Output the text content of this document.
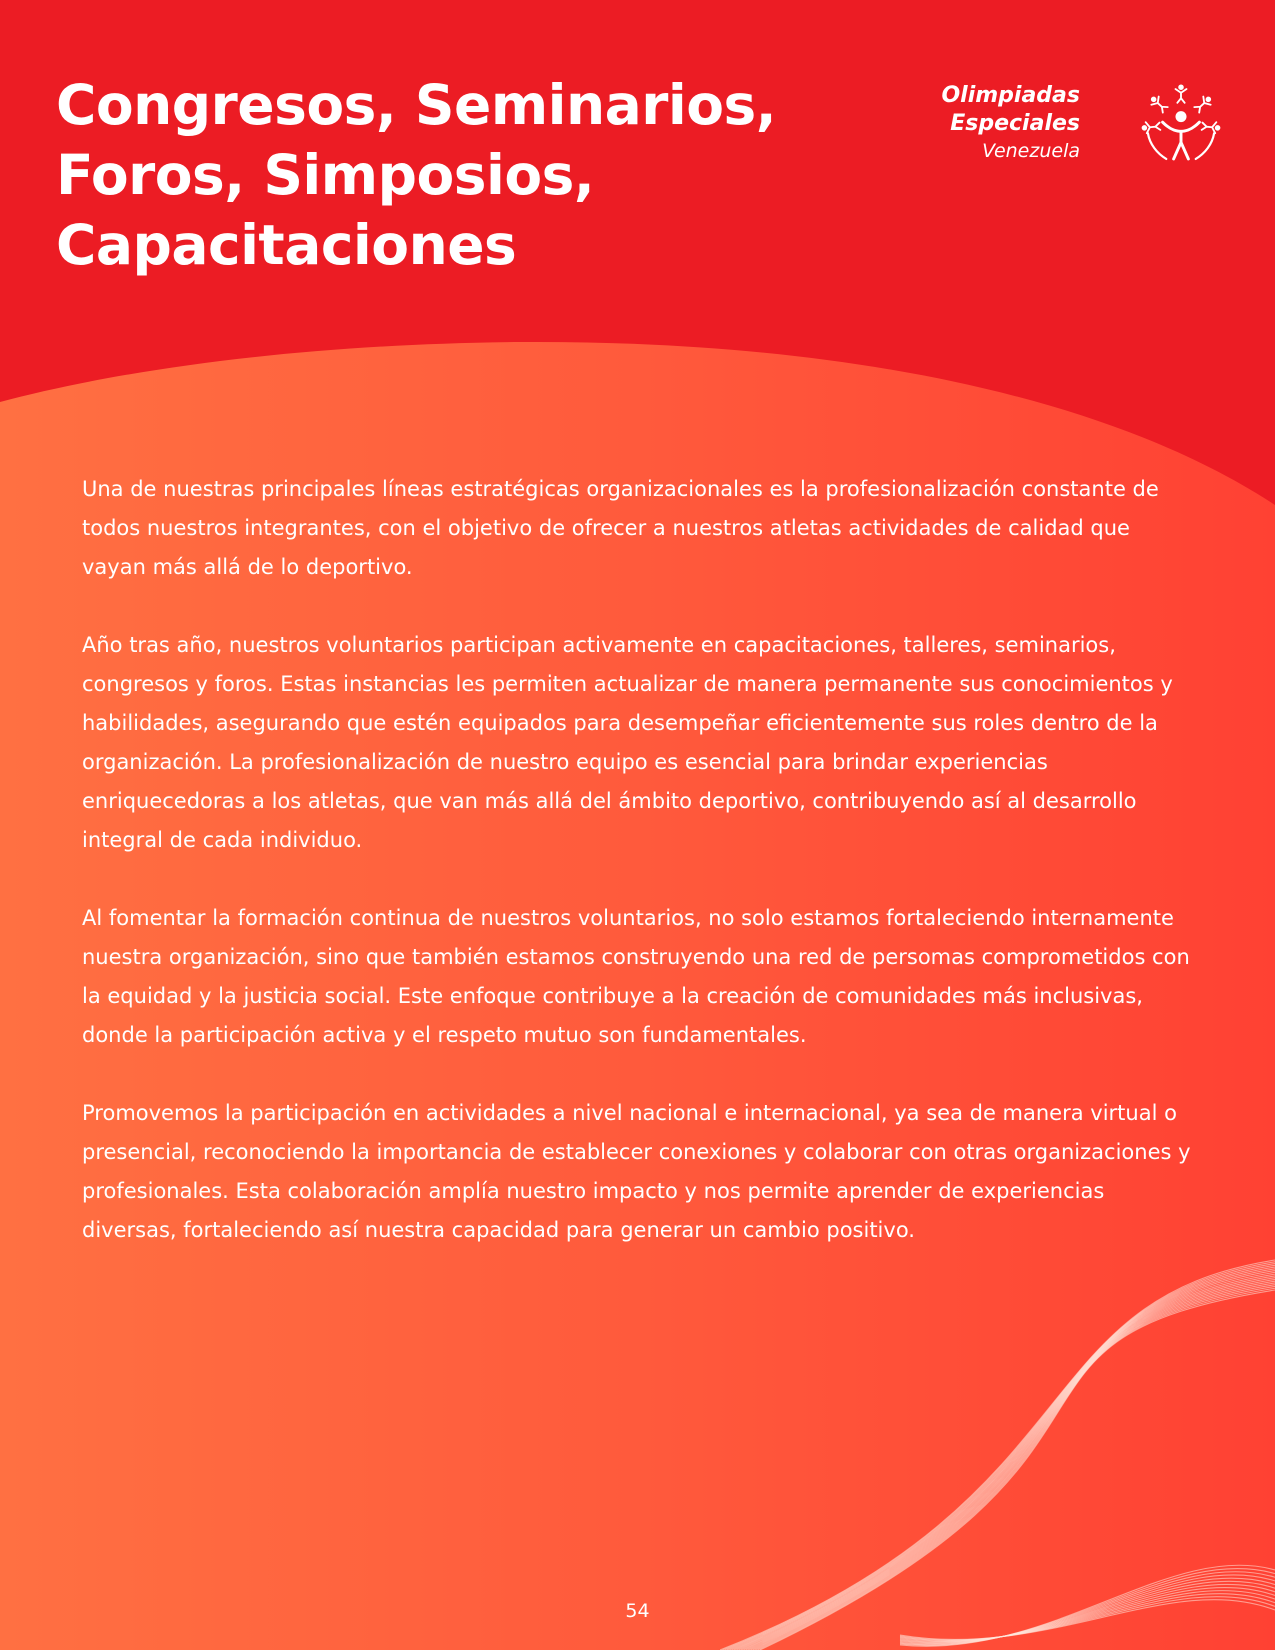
Congresos, Seminarios,
Foros, Simposios,
Capacitaciones
Olimpiadas
Especiales
Venezuela

Una de nuestras principales líneas estratégicas organizacionales es la profesionalización constante de todos nuestros integrantes, con el objetivo de ofrecer a nuestros atletas actividades de calidad que vayan más allá de lo deportivo.

Año tras año, nuestros voluntarios participan activamente en capacitaciones, talleres, seminarios, congresos y foros. Estas instancias les permiten actualizar de manera permanente sus conocimientos y habilidades, asegurando que estén equipados para desempeñar eficientemente sus roles dentro de la organización. La profesionalización de nuestro equipo es esencial para brindar experiencias enriquecedoras a los atletas, que van más allá del ámbito deportivo, contribuyendo así al desarrollo integral de cada individuo.

Al fomentar la formación continua de nuestros voluntarios, no solo estamos fortaleciendo internamente nuestra organización, sino que también estamos construyendo una red de persomas comprometidos con la equidad y la justicia social. Este enfoque contribuye a la creación de comunidades más inclusivas, donde la participación activa y el respeto mutuo son fundamentales.

Promovemos la participación en actividades a nivel nacional e internacional, ya sea de manera virtual o presencial, reconociendo la importancia de establecer conexiones y colaborar con otras organizaciones y profesionales. Esta colaboración amplía nuestro impacto y nos permite aprender de experiencias diversas, fortaleciendo así nuestra capacidad para generar un cambio positivo.

54
